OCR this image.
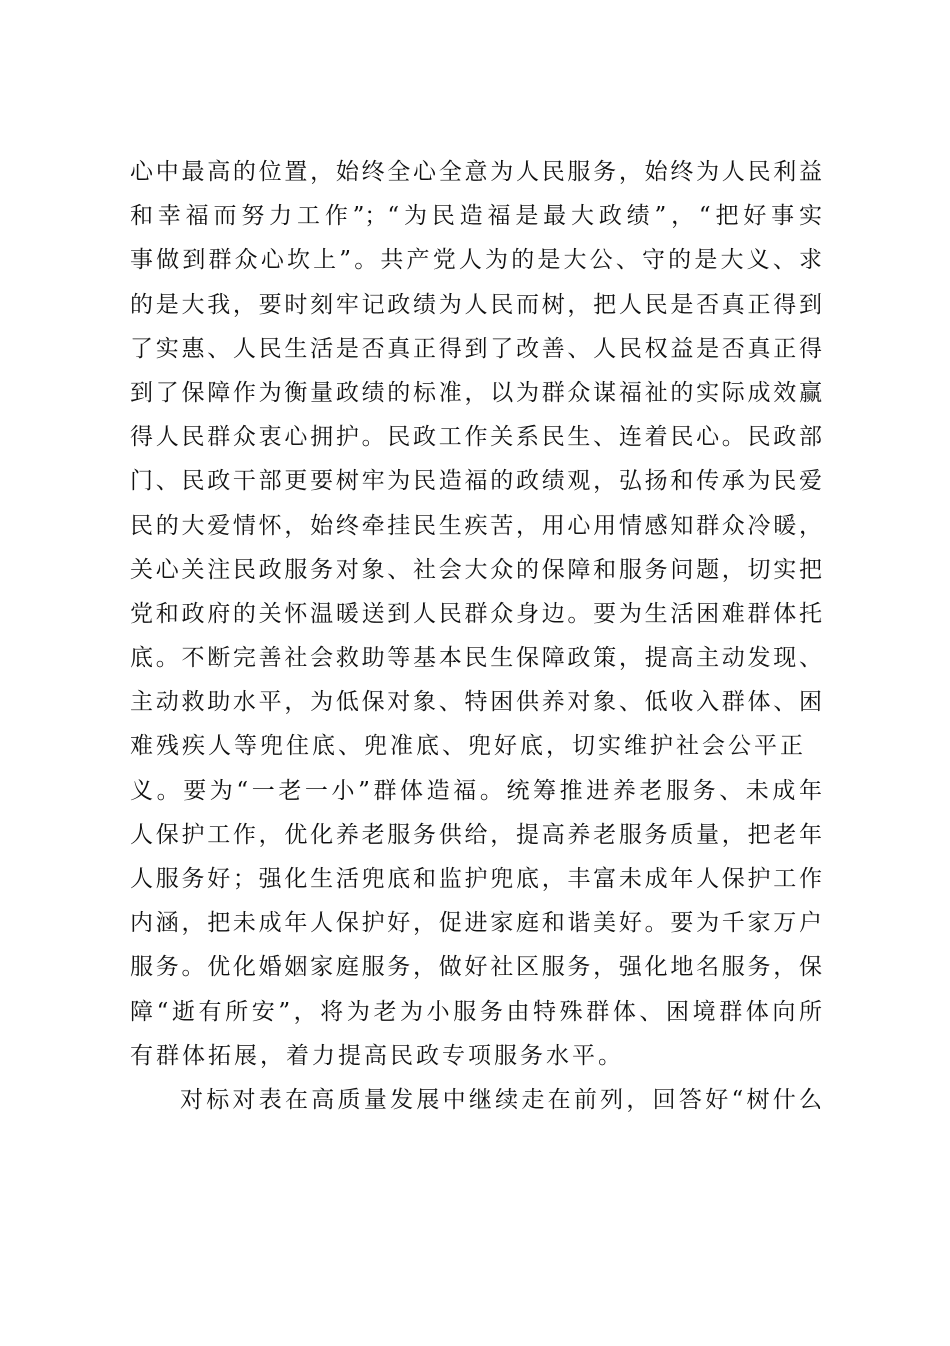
心中最高的位置，始终全心全意为人民服务，始终为人民利益
和幸福而努力工作”；“为民造福是最大政绩”，“把好事实
事做到群众心坎上”。共产党人为的是大公、守的是大义、求
的是大我，要时刻牢记政绩为人民而树，把人民是否真正得到
了实惠、人民生活是否真正得到了改善、人民权益是否真正得
到了保障作为衡量政绩的标准，以为群众谋福祉的实际成效赢
得人民群众衷心拥护。民政工作关系民生、连着民心。民政部
门、民政干部更要树牢为民造福的政绩观，弘扬和传承为民爱
民的大爱情怀，始终牵挂民生疾苦，用心用情感知群众冷暖，
关心关注民政服务对象、社会大众的保障和服务问题，切实把
党和政府的关怀温暖送到人民群众身边。要为生活困难群体托
底。不断完善社会救助等基本民生保障政策，提高主动发现、
主动救助水平，为低保对象、特困供养对象、低收入群体、困
难残疾人等兜住底、兜准底、兜好底，切实维护社会公平正
义。要为“一老一小”群体造福。统筹推进养老服务、未成年
人保护工作，优化养老服务供给，提高养老服务质量，把老年
人服务好；强化生活兜底和监护兜底，丰富未成年人保护工作
内涵，把未成年人保护好，促进家庭和谐美好。要为千家万户
服务。优化婚姻家庭服务，做好社区服务，强化地名服务，保
障“逝有所安”，将为老为小服务由特殊群体、困境群体向所
有群体拓展，着力提高民政专项服务水平。
对标对表在高质量发展中继续走在前列，回答好“树什么
